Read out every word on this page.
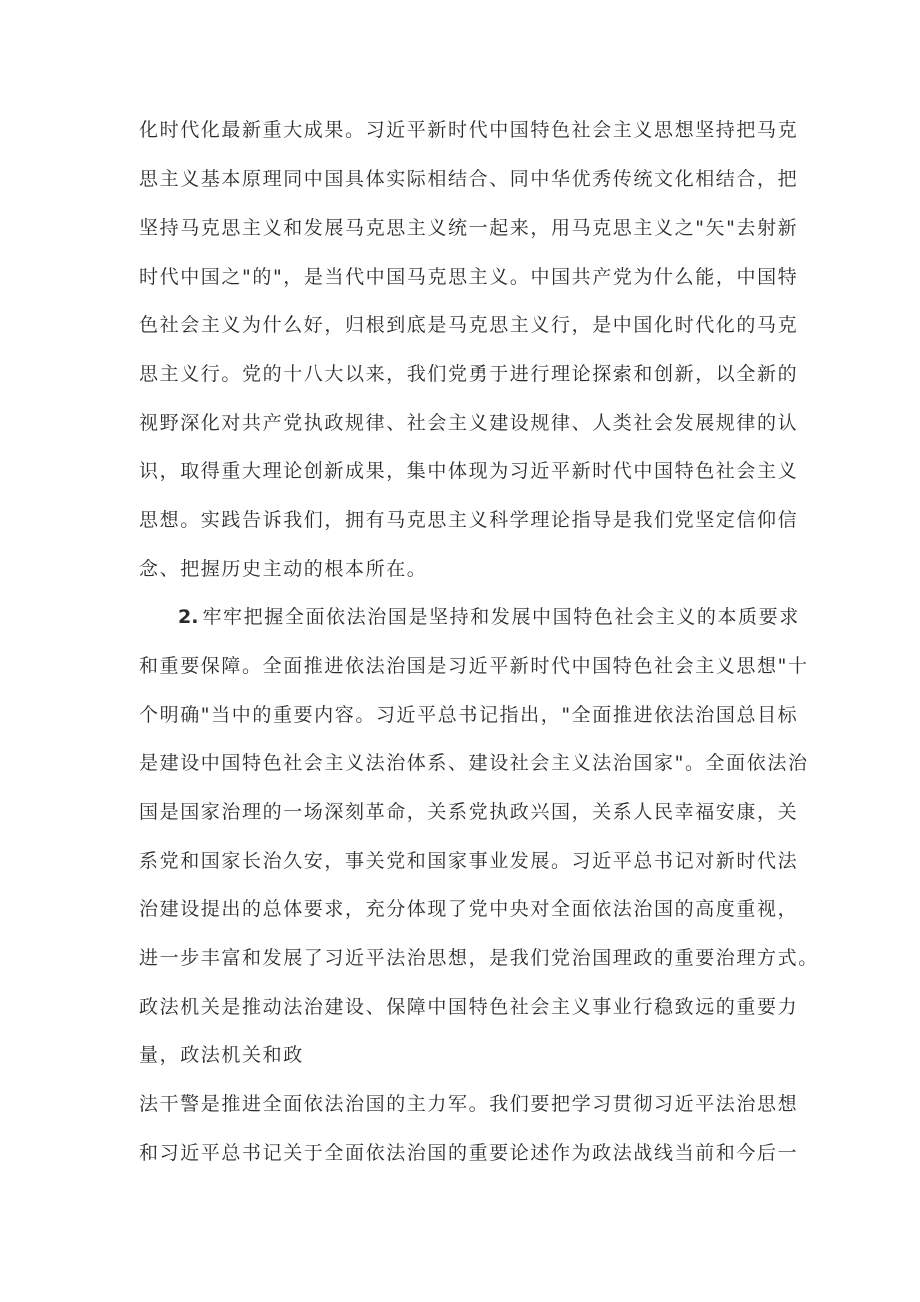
化时代化最新重大成果。习近平新时代中国特色社会主义思想坚持把马克

思主义基本原理同中国具体实际相结合、同中华优秀传统文化相结合，把

坚持马克思主义和发展马克思主义统一起来，用马克思主义之"矢"去射新

时代中国之"的"，是当代中国马克思主义。中国共产党为什么能，中国特

色社会主义为什么好，归根到底是马克思主义行，是中国化时代化的马克

思主义行。党的十八大以来，我们党勇于进行理论探索和创新，以全新的

视野深化对共产党执政规律、社会主义建设规律、人类社会发展规律的认

识，取得重大理论创新成果，集中体现为习近平新时代中国特色社会主义

思想。实践告诉我们，拥有马克思主义科学理论指导是我们党坚定信仰信

念、把握历史主动的根本所在。

2. 牢牢把握全面依法治国是坚持和发展中国特色社会主义的本质要求

和重要保障。全面推进依法治国是习近平新时代中国特色社会主义思想"十

个明确"当中的重要内容。习近平总书记指出，"全面推进依法治国总目标

是建设中国特色社会主义法治体系、建设社会主义法治国家"。全面依法治

国是国家治理的一场深刻革命，关系党执政兴国，关系人民幸福安康，关

系党和国家长治久安，事关党和国家事业发展。习近平总书记对新时代法

治建设提出的总体要求，充分体现了党中央对全面依法治国的高度重视，

进一步丰富和发展了习近平法治思想，是我们党治国理政的重要治理方式。

政法机关是推动法治建设、保障中国特色社会主义事业行稳致远的重要力

量，政法机关和政

法干警是推进全面依法治国的主力军。我们要把学习贯彻习近平法治思想

和习近平总书记关于全面依法治国的重要论述作为政法战线当前和今后一
